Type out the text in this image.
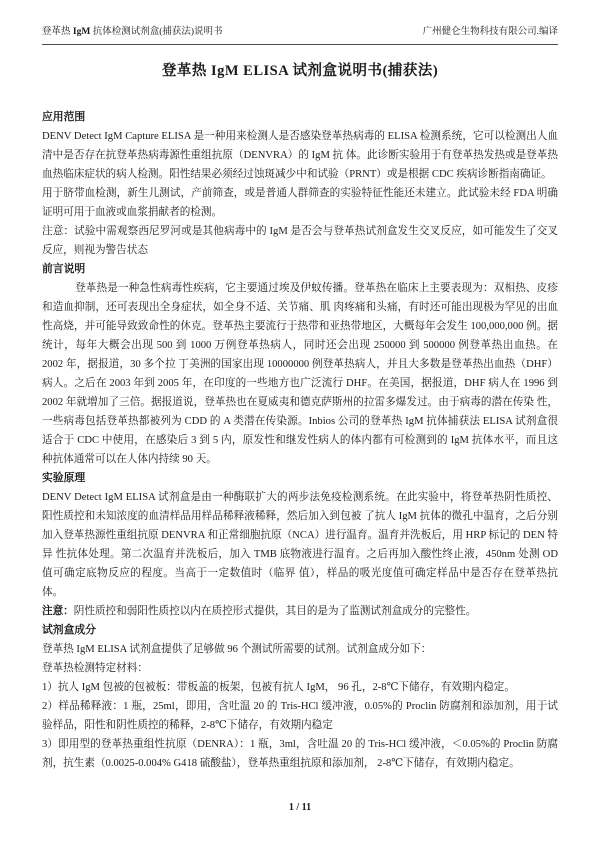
登革热 IgM 抗体检测试剂盒(捕获法)说明书	广州健仑生物科技有限公司.编译
登革热 IgM ELISA 试剂盒说明书(捕获法)
应用范围

DENV Detect IgM Capture ELISA 是一种用来检测人是否感染登革热病毒的 ELISA 检测系统，它可以检测出人血清中是否存在抗登革热病毒源性重组抗原（DENVRA）的 IgM 抗 体。此诊断实验用于有登革热发热或是登革热血热临床症状的病人检测。阳性结果必须经过蚀斑减少中和试验（PRNT）或是根据 CDC 疾病诊断指南确证。

用于脐带血检测，新生儿测试，产前筛查，或是普通人群筛查的实验特征性能还未建立。此试验未经 FDA 明确证明可用于血液或血浆捐献者的检测。

注意：试验中需观察西尼罗河或是其他病毒中的 IgM 是否会与登革热试剂盒发生交叉反应，如可能发生了交叉反应，则视为警告状态

前言说明

登革热是一种急性病毒性疾病，它主要通过埃及伊蚊传播。登革热在临床上主要表现为：双相热、皮疹和造血抑制，还可表现出全身症状，如全身不适、关节痛、肌 肉疼痛和头痛，有时还可能出现极为罕见的出血性高烧，并可能导致致命性的休克。登革热主要流行于热带和亚热带地区，大概每年会发生 100,000,000 例。据统计，每年大概会出现 500 到 1000 万例登革热病人，同时还会出现 250000 到 500000 例登革热出血热。在 2002 年，据报道，30 多个拉 丁美洲的国家出现 10000000 例登革热病人，并且大多数是登革热出血热（DHF）病人。之后在 2003 年到 2005 年，在印度的一些地方也广泛流行 DHF。在美国，据报道，DHF 病人在 1996 到 2002 年就增加了三倍。据报道说，登革热也在夏威夷和德克萨斯州的拉雷多爆发过。由于病毒的潜在传染 性，一些病毒包括登革热都被列为 CDD 的 A 类潜在传染源。Inbios 公司的登革热 IgM 抗体捕获法 ELISA 试剂盒很适合于 CDC 中使用，在感染后 3 到 5 内，原发性和继发性病人的体内都有可检测到的 IgM 抗体水平，而且这种抗体通常可以在人体内持续 90 天。

实验原理

DENV Detect IgM ELISA 试剂盒是由一种酶联扩大的两步法免疫检测系统。在此实验中，将登革热阴性质控、阳性质控和未知浓度的血清样品用样品稀释液稀释，然后加入到包被 了抗人 IgM 抗体的微孔中温育，之后分别加入登革热源性重组抗原 DENVRA 和正常细胞抗原（NCA）进行温育。温育并洗板后，用 HRP 标记的 DEN 特异 性抗体处理。第二次温育并洗板后，加入 TMB 底物液进行温育。之后再加入酸性终止液，450nm 处测 OD 值可确定底物反应的程度。当高于一定数值时（临界 值），样品的吸光度值可确定样品中是否存在登革热抗体。

注意：阴性质控和弱阳性质控以内在质控形式提供，其目的是为了监测试剂盒成分的完整性。

试剂盒成分

登革热 IgM ELISA 试剂盒提供了足够做 96 个测试所需要的试剂。试剂盒成分如下：

登革热检测特定材料：

1）抗人 IgM 包被的包被板：带板盖的板架，包被有抗人 IgM， 96 孔，2-8℃下储存，有效期内稳定。

2）样品稀释液：1 瓶，25ml，即用，含吐温 20 的 Tris-HCl 缓冲液，0.05%的 Proclin 防腐剂和添加剂，用于试验样品，阳性和阴性质控的稀释，2-8℃下储存，有效期内稳定

3）即用型的登革热重组性抗原（DENRA）：1 瓶，3ml，含吐温 20 的 Tris-HCl 缓冲液，＜0.05%的 Proclin 防腐剂，抗生素（0.0025-0.004% G418 硫酸盐），登革热重组抗原和添加剂， 2-8℃下储存，有效期内稳定。

1 / 11
